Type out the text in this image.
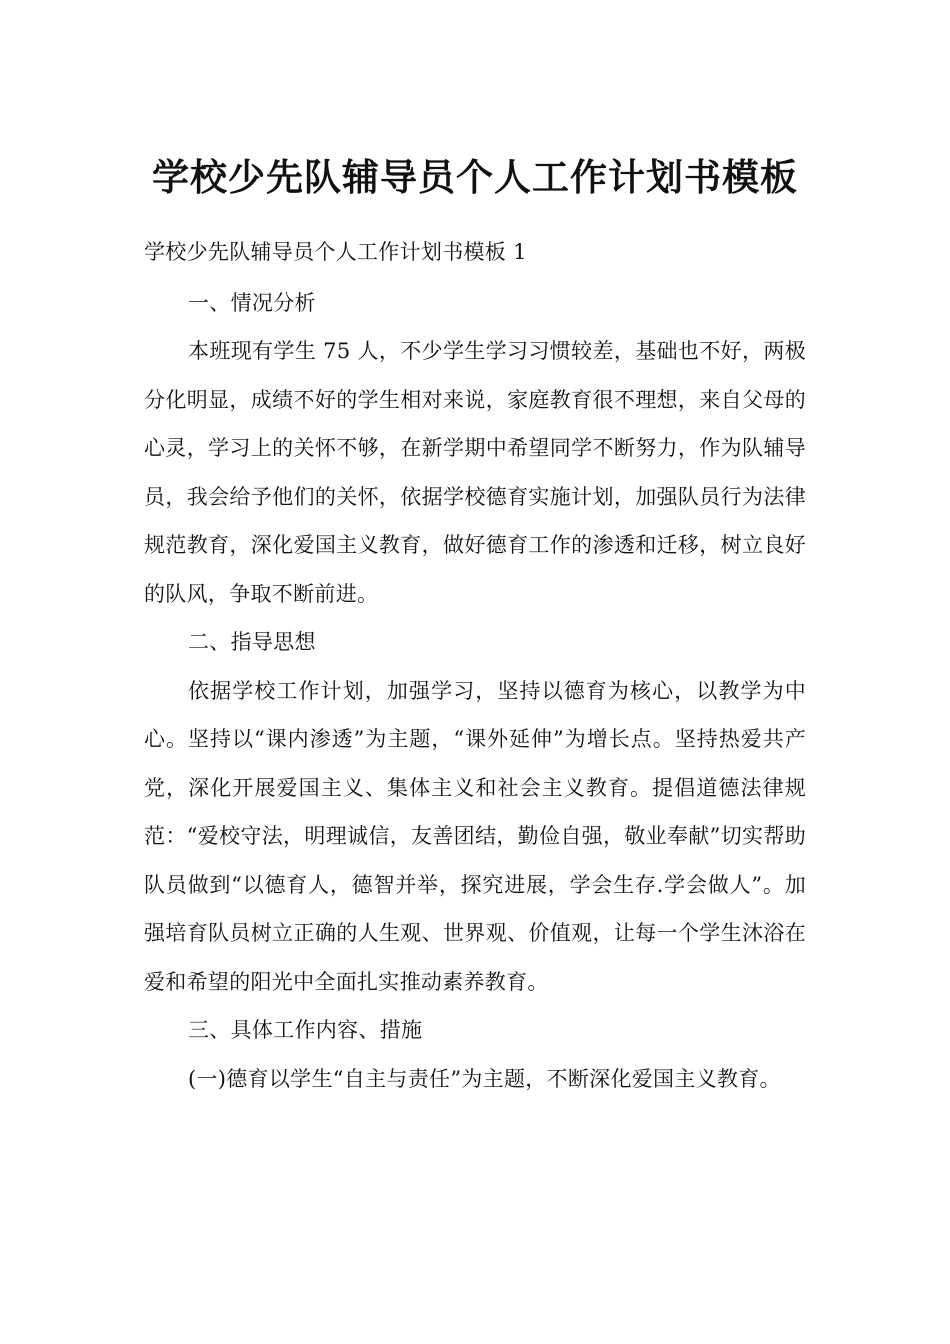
学校少先队辅导员个人工作计划书模板

学校少先队辅导员个人工作计划书模板 1

一、情况分析

本班现有学生 75 人，不少学生学习习惯较差，基础也不好，两极分化明显，成绩不好的学生相对来说，家庭教育很不理想，来自父母的心灵，学习上的关怀不够，在新学期中希望同学不断努力，作为队辅导员，我会给予他们的关怀，依据学校德育实施计划，加强队员行为法律规范教育，深化爱国主义教育，做好德育工作的渗透和迁移，树立良好的队风，争取不断前进。

二、指导思想

依据学校工作计划，加强学习，坚持以德育为核心，以教学为中心。坚持以“课内渗透”为主题，“课外延伸”为增长点。坚持热爱共产党，深化开展爱国主义、集体主义和社会主义教育。提倡道德法律规范：“爱校守法，明理诚信，友善团结，勤俭自强，敬业奉献”切实帮助队员做到“以德育人，德智并举，探究进展，学会生存.学会做人”。加强培育队员树立正确的人生观、世界观、价值观，让每一个学生沐浴在爱和希望的阳光中全面扎实推动素养教育。

三、具体工作内容、措施

(一)德育以学生“自主与责任”为主题，不断深化爱国主义教育。
